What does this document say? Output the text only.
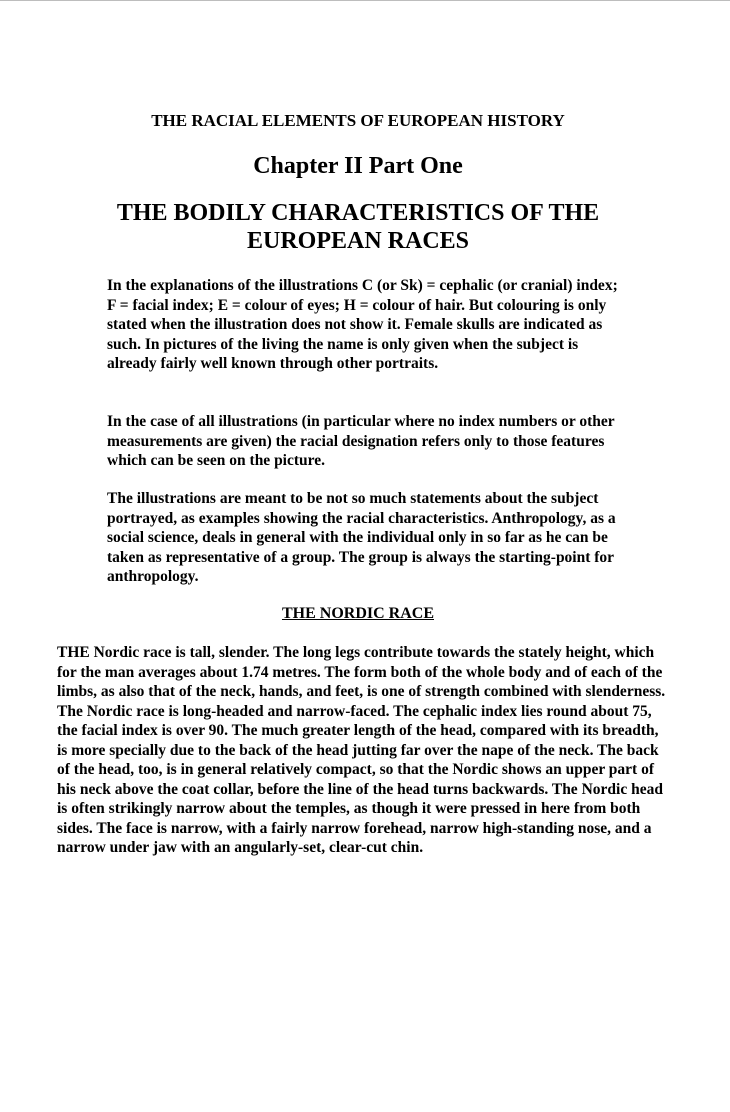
THE RACIAL ELEMENTS OF EUROPEAN HISTORY
Chapter II Part One
THE BODILY CHARACTERISTICS OF THE EUROPEAN RACES

In the explanations of the illustrations C (or Sk) = cephalic (or cranial) index; F = facial index; E = colour of eyes; H = colour of hair. But colouring is only stated when the illustration does not show it. Female skulls are indicated as such. In pictures of the living the name is only given when the subject is already fairly well known through other portraits.

In the case of all illustrations (in particular where no index numbers or other measurements are given) the racial designation refers only to those features which can be seen on the picture.

The illustrations are meant to be not so much statements about the subject portrayed, as examples showing the racial characteristics. Anthropology, as a social science, deals in general with the individual only in so far as he can be taken as representative of a group. The group is always the starting-point for anthropology.

THE NORDIC RACE

THE Nordic race is tall, slender. The long legs contribute towards the stately height, which for the man averages about 1.74 metres. The form both of the whole body and of each of the limbs, as also that of the neck, hands, and feet, is one of strength combined with slenderness. The Nordic race is long-headed and narrow-faced. The cephalic index lies round about 75, the facial index is over 90. The much greater length of the head, compared with its breadth, is more specially due to the back of the head jutting far over the nape of the neck. The back of the head, too, is in general relatively compact, so that the Nordic shows an upper part of his neck above the coat collar, before the line of the head turns backwards. The Nordic head is often strikingly narrow about the temples, as though it were pressed in here from both sides. The face is narrow, with a fairly narrow forehead, narrow high-standing nose, and a narrow under jaw with an angularly-set, clear-cut chin.
